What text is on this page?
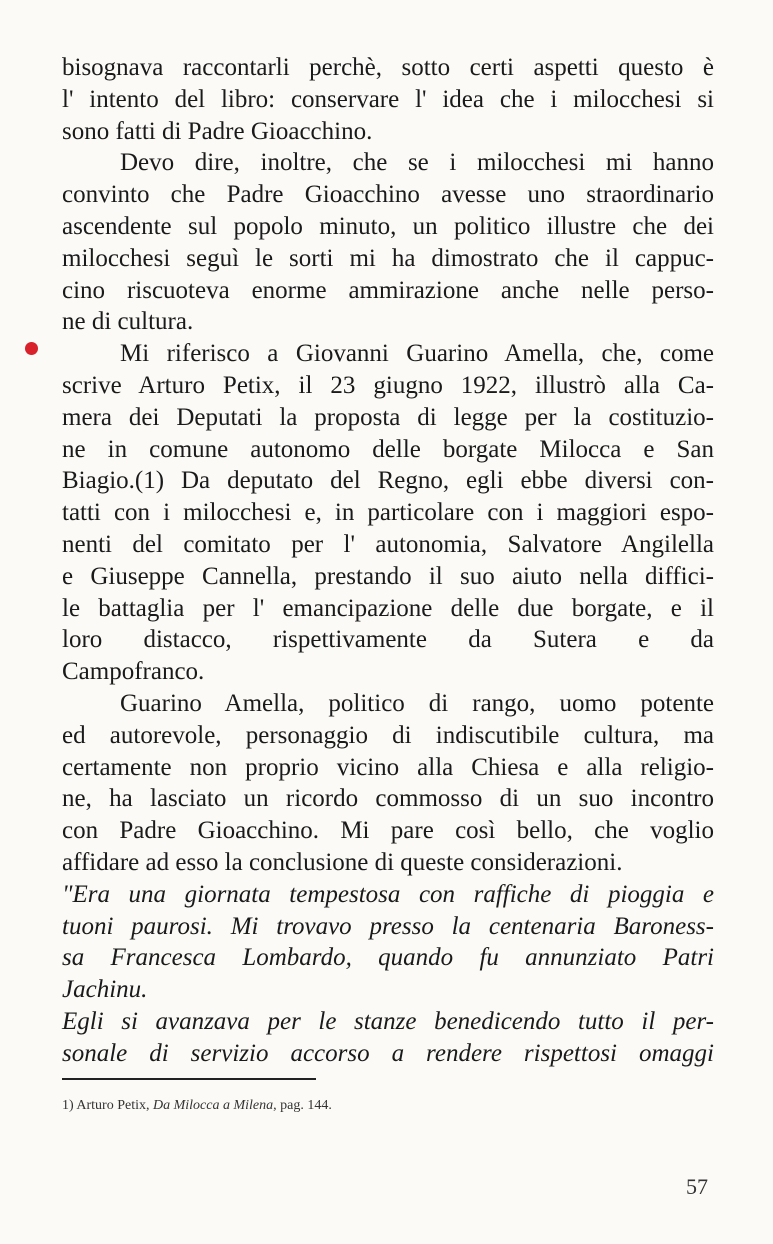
bisognava raccontarli perchè, sotto certi aspetti questo è
l' intento del libro: conservare l' idea che i milocchesi si
sono fatti di Padre Gioacchino.
Devo dire, inoltre, che se i milocchesi mi hanno
convinto che Padre Gioacchino avesse uno straordinario
ascendente sul popolo minuto, un politico illustre che dei
milocchesi seguì le sorti mi ha dimostrato che il cappuc-
cino riscuoteva enorme ammirazione anche nelle perso-
ne di cultura.
Mi riferisco a Giovanni Guarino Amella, che, come
scrive Arturo Petix, il 23 giugno 1922, illustrò alla Ca-
mera dei Deputati la proposta di legge per la costituzio-
ne in comune autonomo delle borgate Milocca e San
Biagio.(1) Da deputato del Regno, egli ebbe diversi con-
tatti con i milocchesi e, in particolare con i maggiori espo-
nenti del comitato per l' autonomia, Salvatore Angilella
e Giuseppe Cannella, prestando il suo aiuto nella diffici-
le battaglia per l' emancipazione delle due borgate, e il
loro distacco, rispettivamente da Sutera e da
Campofranco.
Guarino Amella, politico di rango, uomo potente
ed autorevole, personaggio di indiscutibile cultura, ma
certamente non proprio vicino alla Chiesa e alla religio-
ne, ha lasciato un ricordo commosso di un suo incontro
con Padre Gioacchino. Mi pare così bello, che voglio
affidare ad esso la conclusione di queste considerazioni.
"Era una giornata tempestosa con raffiche di pioggia e
tuoni paurosi. Mi trovavo presso la centenaria Baroness-
sa Francesca Lombardo, quando fu annunziato Patri
Jachinu.
Egli si avanzava per le stanze benedicendo tutto il per-
sonale di servizio accorso a rendere rispettosi omaggi
1) Arturo Petix, Da Milocca a Milena, pag. 144.
57
